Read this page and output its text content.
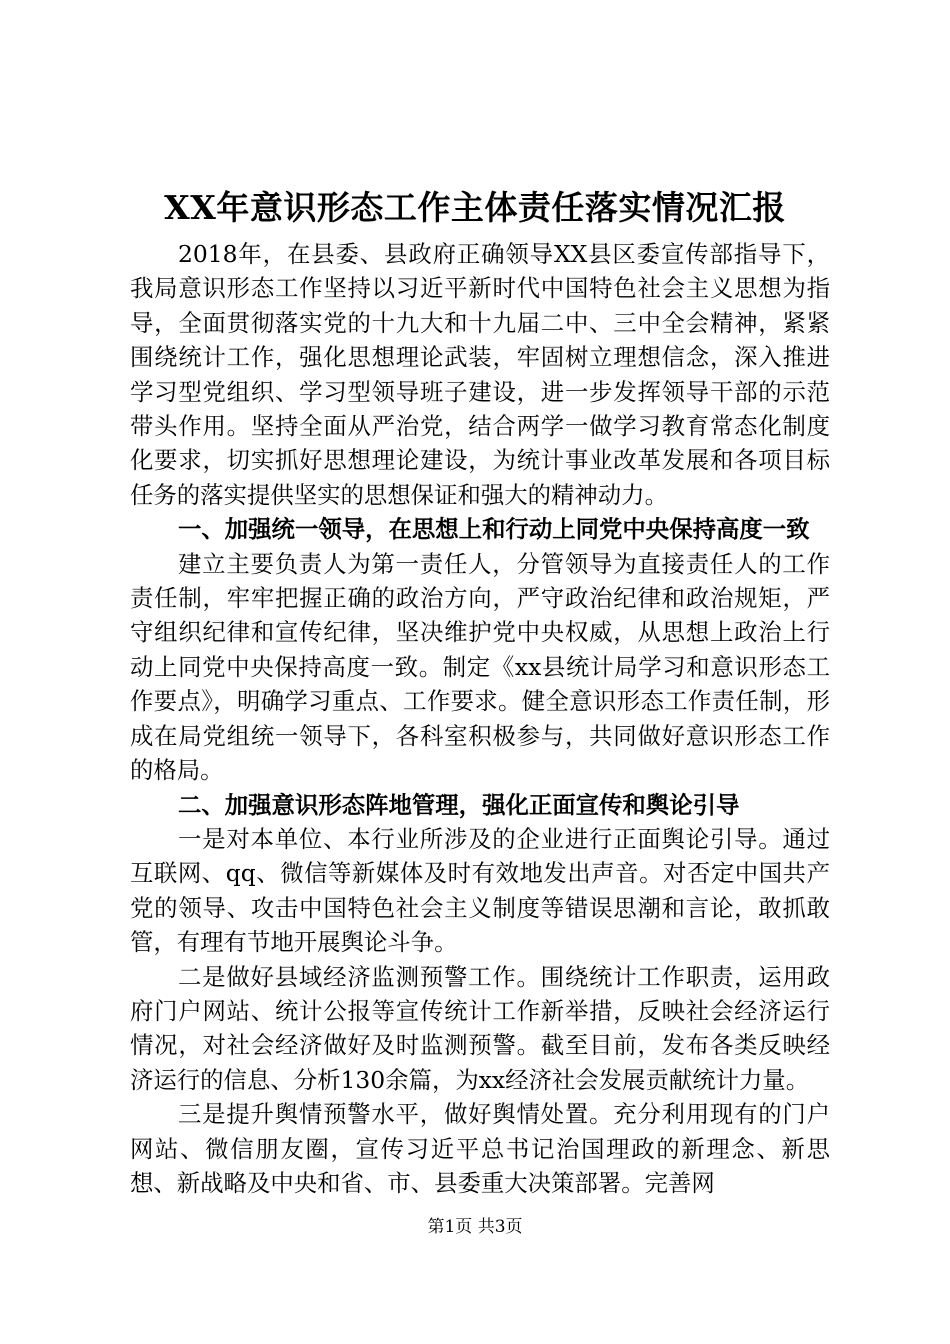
XX年意识形态工作主体责任落实情况汇报

2018年，在县委、县政府正确领导XX县区委宣传部指导下，我局意识形态工作坚持以习近平新时代中国特色社会主义思想为指导，全面贯彻落实党的十九大和十九届二中、三中全会精神，紧紧围绕统计工作，强化思想理论武装，牢固树立理想信念，深入推进学习型党组织、学习型领导班子建设，进一步发挥领导干部的示范带头作用。坚持全面从严治党，结合两学一做学习教育常态化制度化要求，切实抓好思想理论建设，为统计事业改革发展和各项目标任务的落实提供坚实的思想保证和强大的精神动力。

一、加强统一领导，在思想上和行动上同党中央保持高度一致

建立主要负责人为第一责任人，分管领导为直接责任人的工作责任制，牢牢把握正确的政治方向，严守政治纪律和政治规矩，严守组织纪律和宣传纪律，坚决维护党中央权威，从思想上政治上行动上同党中央保持高度一致。制定《xx县统计局学习和意识形态工作要点》，明确学习重点、工作要求。健全意识形态工作责任制，形成在局党组统一领导下，各科室积极参与，共同做好意识形态工作的格局。

二、加强意识形态阵地管理，强化正面宣传和舆论引导

一是对本单位、本行业所涉及的企业进行正面舆论引导。通过互联网、qq、微信等新媒体及时有效地发出声音。对否定中国共产党的领导、攻击中国特色社会主义制度等错误思潮和言论，敢抓敢管，有理有节地开展舆论斗争。

二是做好县域经济监测预警工作。围绕统计工作职责，运用政府门户网站、统计公报等宣传统计工作新举措，反映社会经济运行情况，对社会经济做好及时监测预警。截至目前，发布各类反映经济运行的信息、分析130余篇，为xx经济社会发展贡献统计力量。

三是提升舆情预警水平，做好舆情处置。充分利用现有的门户网站、微信朋友圈，宣传习近平总书记治国理政的新理念、新思想、新战略及中央和省、市、县委重大决策部署。完善网

第1页 共3页
